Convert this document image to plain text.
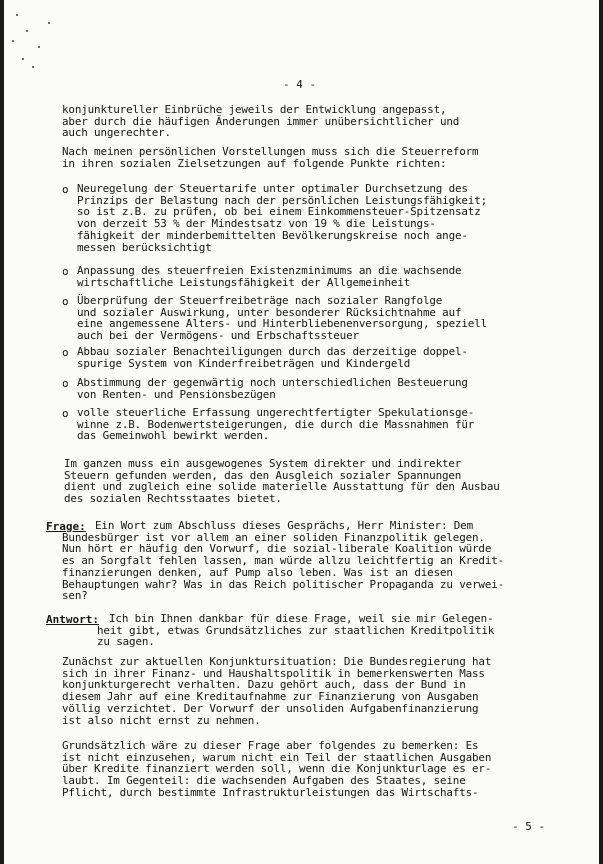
- 4 -
konjunktureller Einbrüche jeweils der Entwicklung angepasst,
aber durch die häufigen Änderungen immer unübersichtlicher und
auch ungerechter.
Nach meinen persönlichen Vorstellungen muss sich die Steuerreform
in ihren sozialen Zielsetzungen auf folgende Punkte richten:
o Neuregelung der Steuertarife unter optimaler Durchsetzung des
Prinzips der Belastung nach der persönlichen Leistungsfähigkeit;
so ist z.B. zu prüfen, ob bei einem Einkommensteuer-Spitzensatz
von derzeit 53 % der Mindestsatz von 19 % die Leistungs-
fähigkeit der minderbemittelten Bevölkerungskreise noch ange-
messen berücksichtigt
o Anpassung des steuerfreien Existenzminimums an die wachsende
wirtschaftliche Leistungsfähigkeit der Allgemeinheit
o Überprüfung der Steuerfreibeträge nach sozialer Rangfolge
und sozialer Auswirkung, unter besonderer Rücksichtnahme auf
eine angemessene Alters- und Hinterbliebenenversorgung, speziell
auch bei der Vermögens- und Erbschaftssteuer
o Abbau sozialer Benachteiligungen durch das derzeitige doppel-
spurige System von Kinderfreibeträgen und Kindergeld
o Abstimmung der gegenwärtig noch unterschiedlichen Besteuerung
von Renten- und Pensionsbezügen
o volle steuerliche Erfassung ungerechtfertigter Spekulationsge-
winne z.B. Bodenwertsteigerungen, die durch die Massnahmen für
das Gemeinwohl bewirkt werden.
Im ganzen muss ein ausgewogenes System direkter und indirekter
Steuern gefunden werden, das den Ausgleich sozialer Spannungen
dient und zugleich eine solide materielle Ausstattung für den Ausbau
des sozialen Rechtsstaates bietet.
Frage: Ein Wort zum Abschluss dieses Gesprächs, Herr Minister: Dem
Bundesbürger ist vor allem an einer soliden Finanzpolitik gelegen.
Nun hört er häufig den Vorwurf, die sozial-liberale Koalition würde
es an Sorgfalt fehlen lassen, man würde allzu leichtfertig an Kredit-
finanzierungen denken, auf Pump also leben. Was ist an diesen
Behauptungen wahr? Was in das Reich politischer Propaganda zu verwei-
sen?
Antwort: Ich bin Ihnen dankbar für diese Frage, weil sie mir Gelegen-
heit gibt, etwas Grundsätzliches zur staatlichen Kreditpolitik
zu sagen.
Zunächst zur aktuellen Konjunktursituation: Die Bundesregierung hat
sich in ihrer Finanz- und Haushaltspolitik in bemerkenswerten Mass
konjunkturgerecht verhalten. Dazu gehört auch, dass der Bund in
diesem Jahr auf eine Kreditaufnahme zur Finanzierung von Ausgaben
völlig verzichtet. Der Vorwurf der unsoliden Aufgabenfinanzierung
ist also nicht ernst zu nehmen.
Grundsätzlich wäre zu dieser Frage aber folgendes zu bemerken: Es
ist nicht einzusehen, warum nicht ein Teil der staatlichen Ausgaben
über Kredite finanziert werden soll, wenn die Konjunkturlage es er-
laubt. Im Gegenteil: die wachsenden Aufgaben des Staates, seine
Pflicht, durch bestimmte Infrastrukturleistungen das Wirtschafts-
- 5 -
